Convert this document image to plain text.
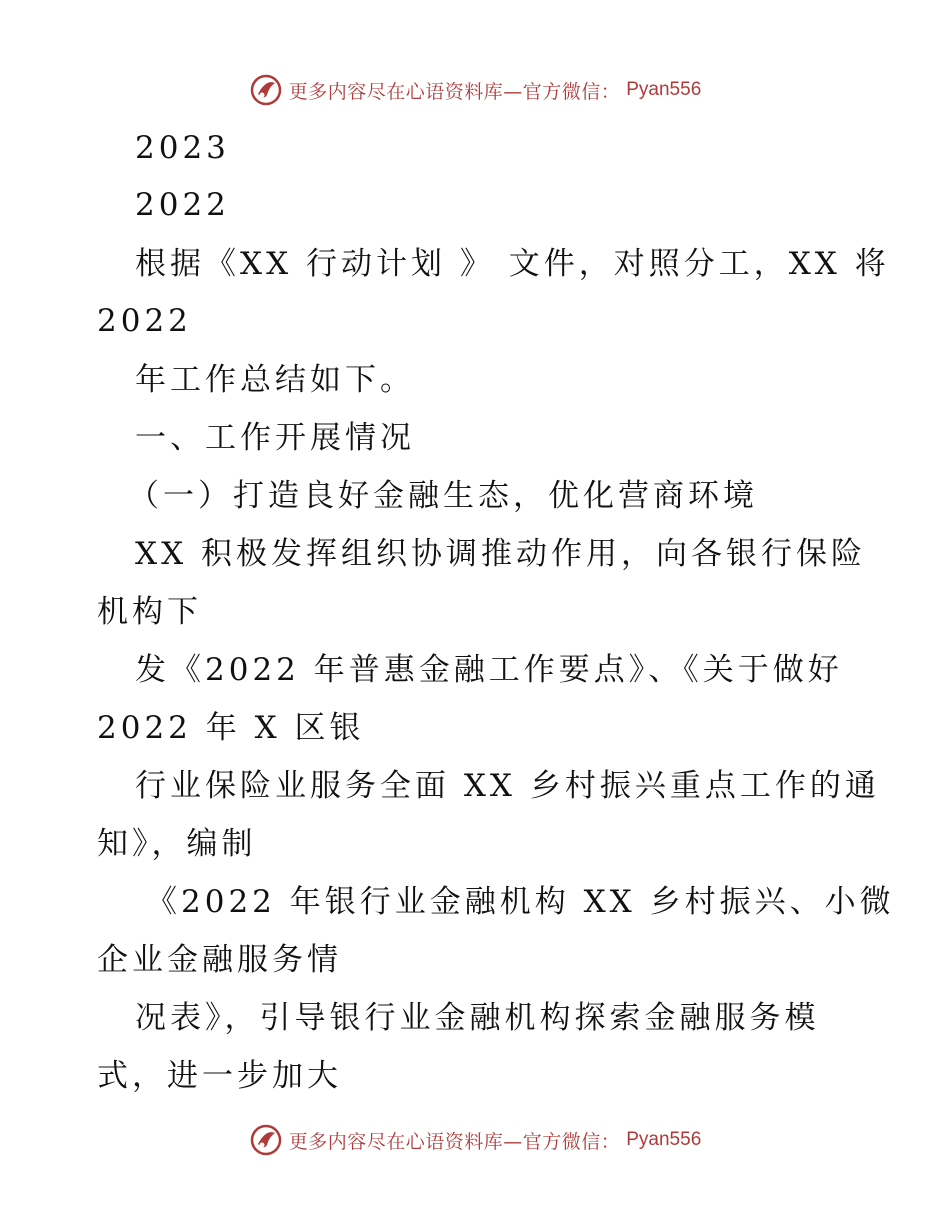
更多内容尽在心语资料库—官方微信： Pyan556
2023
2022
根据《XX 行动计划 》 文件，对照分工，XX 将
2022
年工作总结如下。
一、工作开展情况
（一）打造良好金融生态，优化营商环境
XX 积极发挥组织协调推动作用，向各银行保险
机构下
发《2022 年普惠金融工作要点》、《关于做好
2022 年 X 区银
行业保险业服务全面 XX 乡村振兴重点工作的通
知》，编制
《2022 年银行业金融机构 XX 乡村振兴、小微
企业金融服务情
况表》，引导银行业金融机构探索金融服务模
式，进一步加大
更多内容尽在心语资料库—官方微信： Pyan556
